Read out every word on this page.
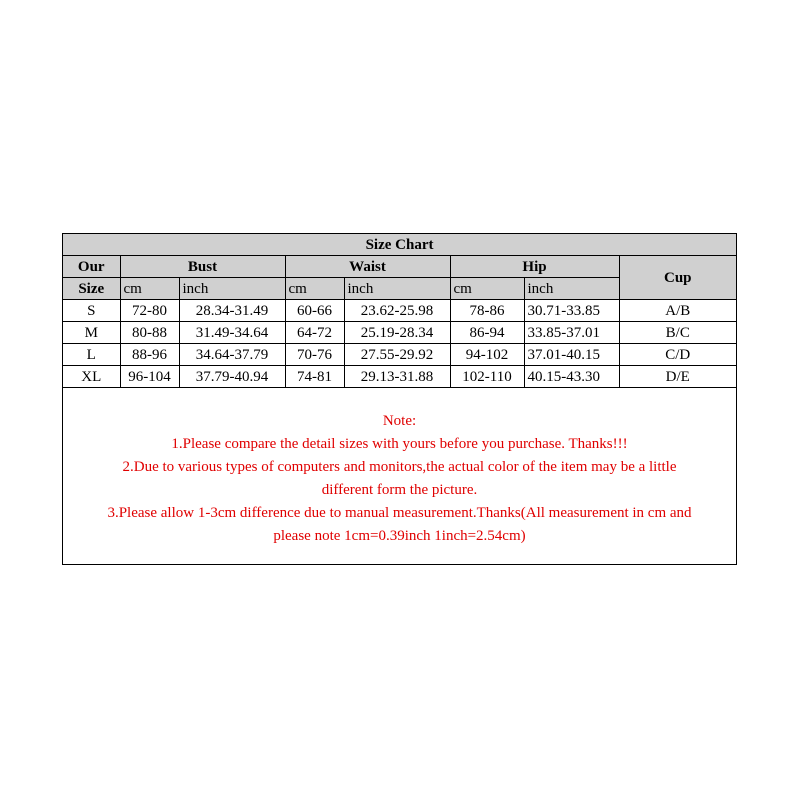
Size Chart							
Our	Bust		Waist		Hip		Cup
Size	cm	inch	cm	inch	cm	inch	
S	72-80	28.34-31.49	60-66	23.62-25.98	78-86	30.71-33.85	A/B
M	80-88	31.49-34.64	64-72	25.19-28.34	86-94	33.85-37.01	B/C
L	88-96	34.64-37.79	70-76	27.55-29.92	94-102	37.01-40.15	C/D
XL	96-104	37.79-40.94	74-81	29.13-31.88	102-110	40.15-43.30	D/E
Note:
1.Please compare the detail sizes with yours before you purchase. Thanks!!!
2.Due to various types of computers and monitors,the actual color of the item may be a little
different form the picture.
3.Please allow 1-3cm difference due to manual measurement.Thanks(All measurement in cm and
please note 1cm=0.39inch 1inch=2.54cm)
